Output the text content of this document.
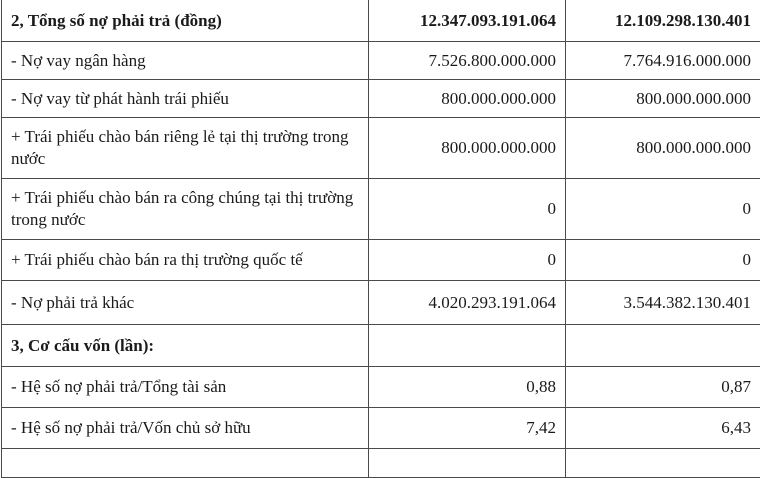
2, Tổng số nợ phải trả (đồng)	12.347.093.191.064	12.109.298.130.401
- Nợ vay ngân hàng	7.526.800.000.000	7.764.916.000.000
- Nợ vay từ phát hành trái phiếu	800.000.000.000	800.000.000.000
+ Trái phiếu chào bán riêng lẻ tại thị trường trong nước	800.000.000.000	800.000.000.000
+ Trái phiếu chào bán ra công chúng tại thị trường trong nước	0	0
+ Trái phiếu chào bán ra thị trường quốc tế	0	0
- Nợ phải trả khác	4.020.293.191.064	3.544.382.130.401
3, Cơ cấu vốn (lần):		
- Hệ số nợ phải trả/Tổng tài sản	0,88	0,87
- Hệ số nợ phải trả/Vốn chủ sở hữu	7,42	6,43
